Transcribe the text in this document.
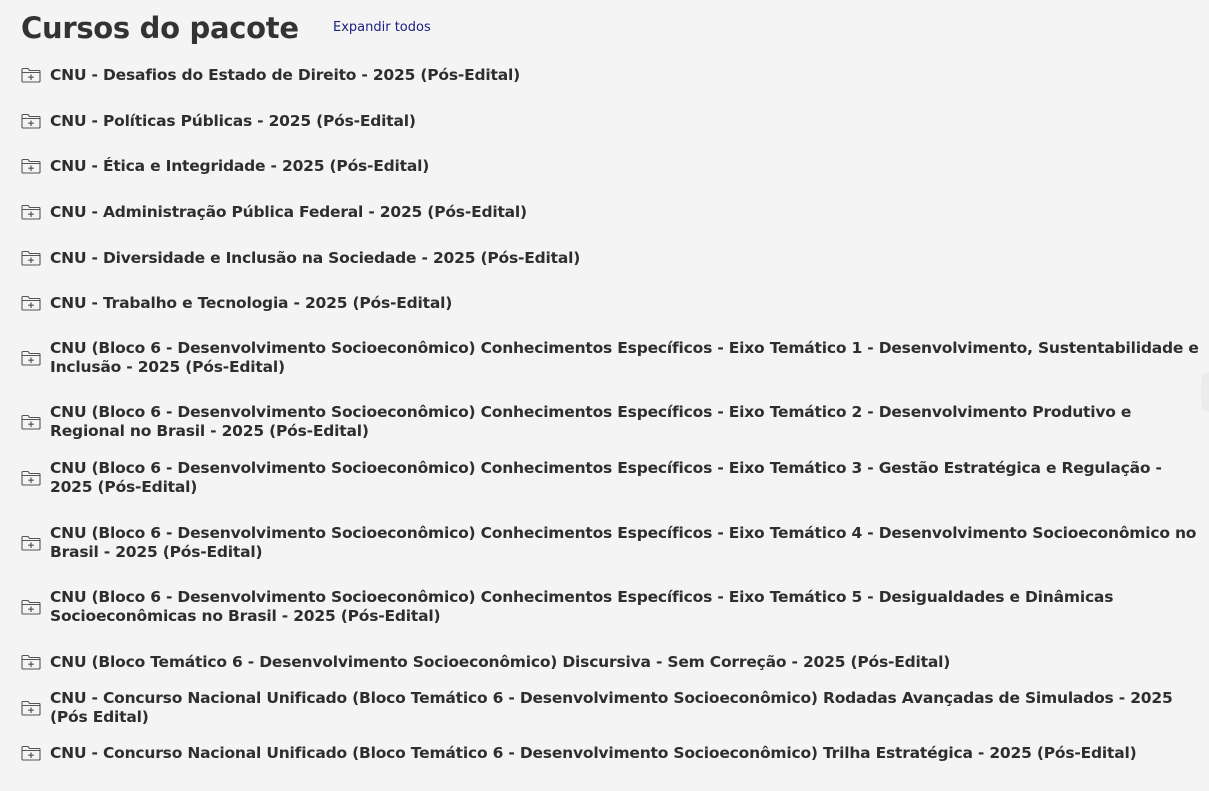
Cursos do pacote	Expandir todos
CNU - Desafios do Estado de Direito - 2025 (Pós-Edital)
CNU - Políticas Públicas - 2025 (Pós-Edital)
CNU - Ética e Integridade - 2025 (Pós-Edital)
CNU - Administração Pública Federal - 2025 (Pós-Edital)
CNU - Diversidade e Inclusão na Sociedade - 2025 (Pós-Edital)
CNU - Trabalho e Tecnologia - 2025 (Pós-Edital)
CNU (Bloco 6 - Desenvolvimento Socioeconômico) Conhecimentos Específicos - Eixo Temático 1 - Desenvolvimento, Sustentabilidade e Inclusão - 2025 (Pós-Edital)
CNU (Bloco 6 - Desenvolvimento Socioeconômico) Conhecimentos Específicos - Eixo Temático 2 - Desenvolvimento Produtivo e Regional no Brasil - 2025 (Pós-Edital)
CNU (Bloco 6 - Desenvolvimento Socioeconômico) Conhecimentos Específicos - Eixo Temático 3 - Gestão Estratégica e Regulação - 2025 (Pós-Edital)
CNU (Bloco 6 - Desenvolvimento Socioeconômico) Conhecimentos Específicos - Eixo Temático 4 - Desenvolvimento Socioeconômico no Brasil - 2025 (Pós-Edital)
CNU (Bloco 6 - Desenvolvimento Socioeconômico) Conhecimentos Específicos - Eixo Temático 5 - Desigualdades e Dinâmicas Socioeconômicas no Brasil - 2025 (Pós-Edital)
CNU (Bloco Temático 6 - Desenvolvimento Socioeconômico) Discursiva - Sem Correção - 2025 (Pós-Edital)
CNU - Concurso Nacional Unificado (Bloco Temático 6 - Desenvolvimento Socioeconômico) Rodadas Avançadas de Simulados - 2025 (Pós Edital)
CNU - Concurso Nacional Unificado (Bloco Temático 6 - Desenvolvimento Socioeconômico) Trilha Estratégica - 2025 (Pós-Edital)
